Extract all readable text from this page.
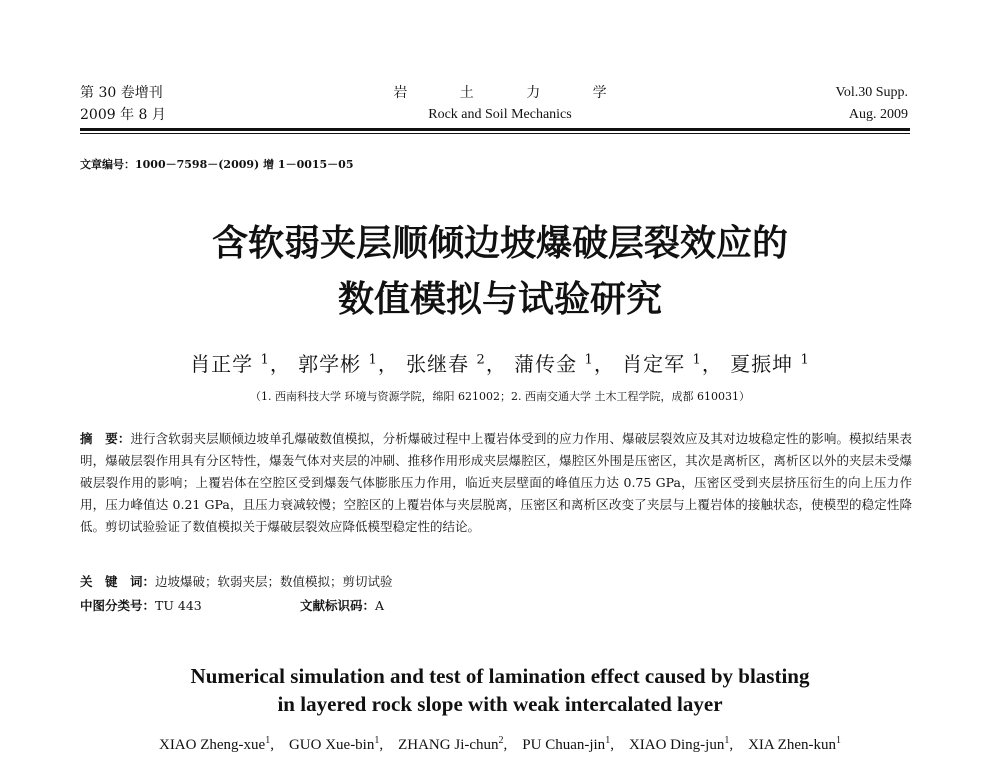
第 30 卷增刊
2009 年 8 月
岩 土 力 学
Rock and Soil Mechanics
Vol.30 Supp.
Aug. 2009
文章编号：1000－7598－(2009) 增 1－0015－05
含软弱夹层顺倾边坡爆破层裂效应的
数值模拟与试验研究
肖正学 $^1$， 郭学彬 $^1$， 张继春 $^2$， 蒲传金 $^1$， 肖定军 $^1$， 夏振坤 $^1$
（1. 西南科技大学 环境与资源学院，绵阳 621002；2. 西南交通大学 土木工程学院，成都 610031）
摘　要：进行含软弱夹层顺倾边坡单孔爆破数值模拟，分析爆破过程中上覆岩体受到的应力作用、爆破层裂效应及其对边坡稳定性的影响。模拟结果表明，爆破层裂作用具有分区特性，爆轰气体对夹层的冲刷、推移作用形成夹层爆腔区，爆腔区外围是压密区，其次是离析区，离析区以外的夹层未受爆破层裂作用的影响；上覆岩体在空腔区受到爆轰气体膨胀压力作用，临近夹层壁面的峰值压力达 0.75 GPa，压密区受到夹层挤压衍生的向上压力作用，压力峰值达 0.21 GPa，且压力衰减较慢；空腔区的上覆岩体与夹层脱离，压密区和离析区改变了夹层与上覆岩体的接触状态，使模型的稳定性降低。剪切试验验证了数值模拟关于爆破层裂效应降低模型稳定性的结论。
关　键　词：边坡爆破；软弱夹层；数值模拟；剪切试验
中图分类号：TU 443	文献标识码：A
Numerical simulation and test of lamination effect caused by blasting
in layered rock slope with weak intercalated layer
XIAO Zheng-xue$^1$,    GUO Xue-bin$^1$,    ZHANG Ji-chun$^2$,    PU Chuan-jin$^1$,    XIAO Ding-jun$^1$,    XIA Zhen-kun$^1$
